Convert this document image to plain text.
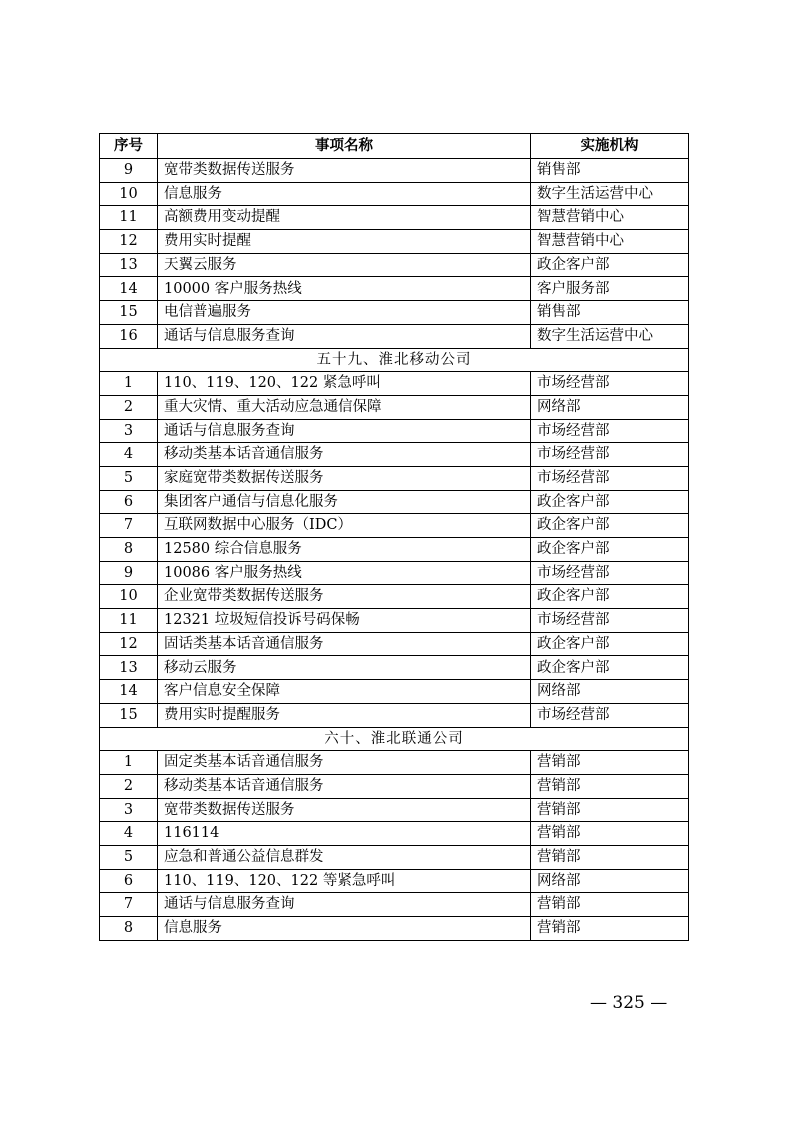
序号	事项名称	实施机构
9	宽带类数据传送服务	销售部
10	信息服务	数字生活运营中心
11	高额费用变动提醒	智慧营销中心
12	费用实时提醒	智慧营销中心
13	天翼云服务	政企客户部
14	10000 客户服务热线	客户服务部
15	电信普遍服务	销售部
16	通话与信息服务查询	数字生活运营中心
五十九、淮北移动公司		
1	110、119、120、122 紧急呼叫	市场经营部
2	重大灾情、重大活动应急通信保障	网络部
3	通话与信息服务查询	市场经营部
4	移动类基本话音通信服务	市场经营部
5	家庭宽带类数据传送服务	市场经营部
6	集团客户通信与信息化服务	政企客户部
7	互联网数据中心服务（IDC）	政企客户部
8	12580 综合信息服务	政企客户部
9	10086 客户服务热线	市场经营部
10	企业宽带类数据传送服务	政企客户部
11	12321 垃圾短信投诉号码保畅	市场经营部
12	固话类基本话音通信服务	政企客户部
13	移动云服务	政企客户部
14	客户信息安全保障	网络部
15	费用实时提醒服务	市场经营部
六十、淮北联通公司		
1	固定类基本话音通信服务	营销部
2	移动类基本话音通信服务	营销部
3	宽带类数据传送服务	营销部
4	116114	营销部
5	应急和普通公益信息群发	营销部
6	110、119、120、122 等紧急呼叫	网络部
7	通话与信息服务查询	营销部
8	信息服务	营销部
— 325 —
